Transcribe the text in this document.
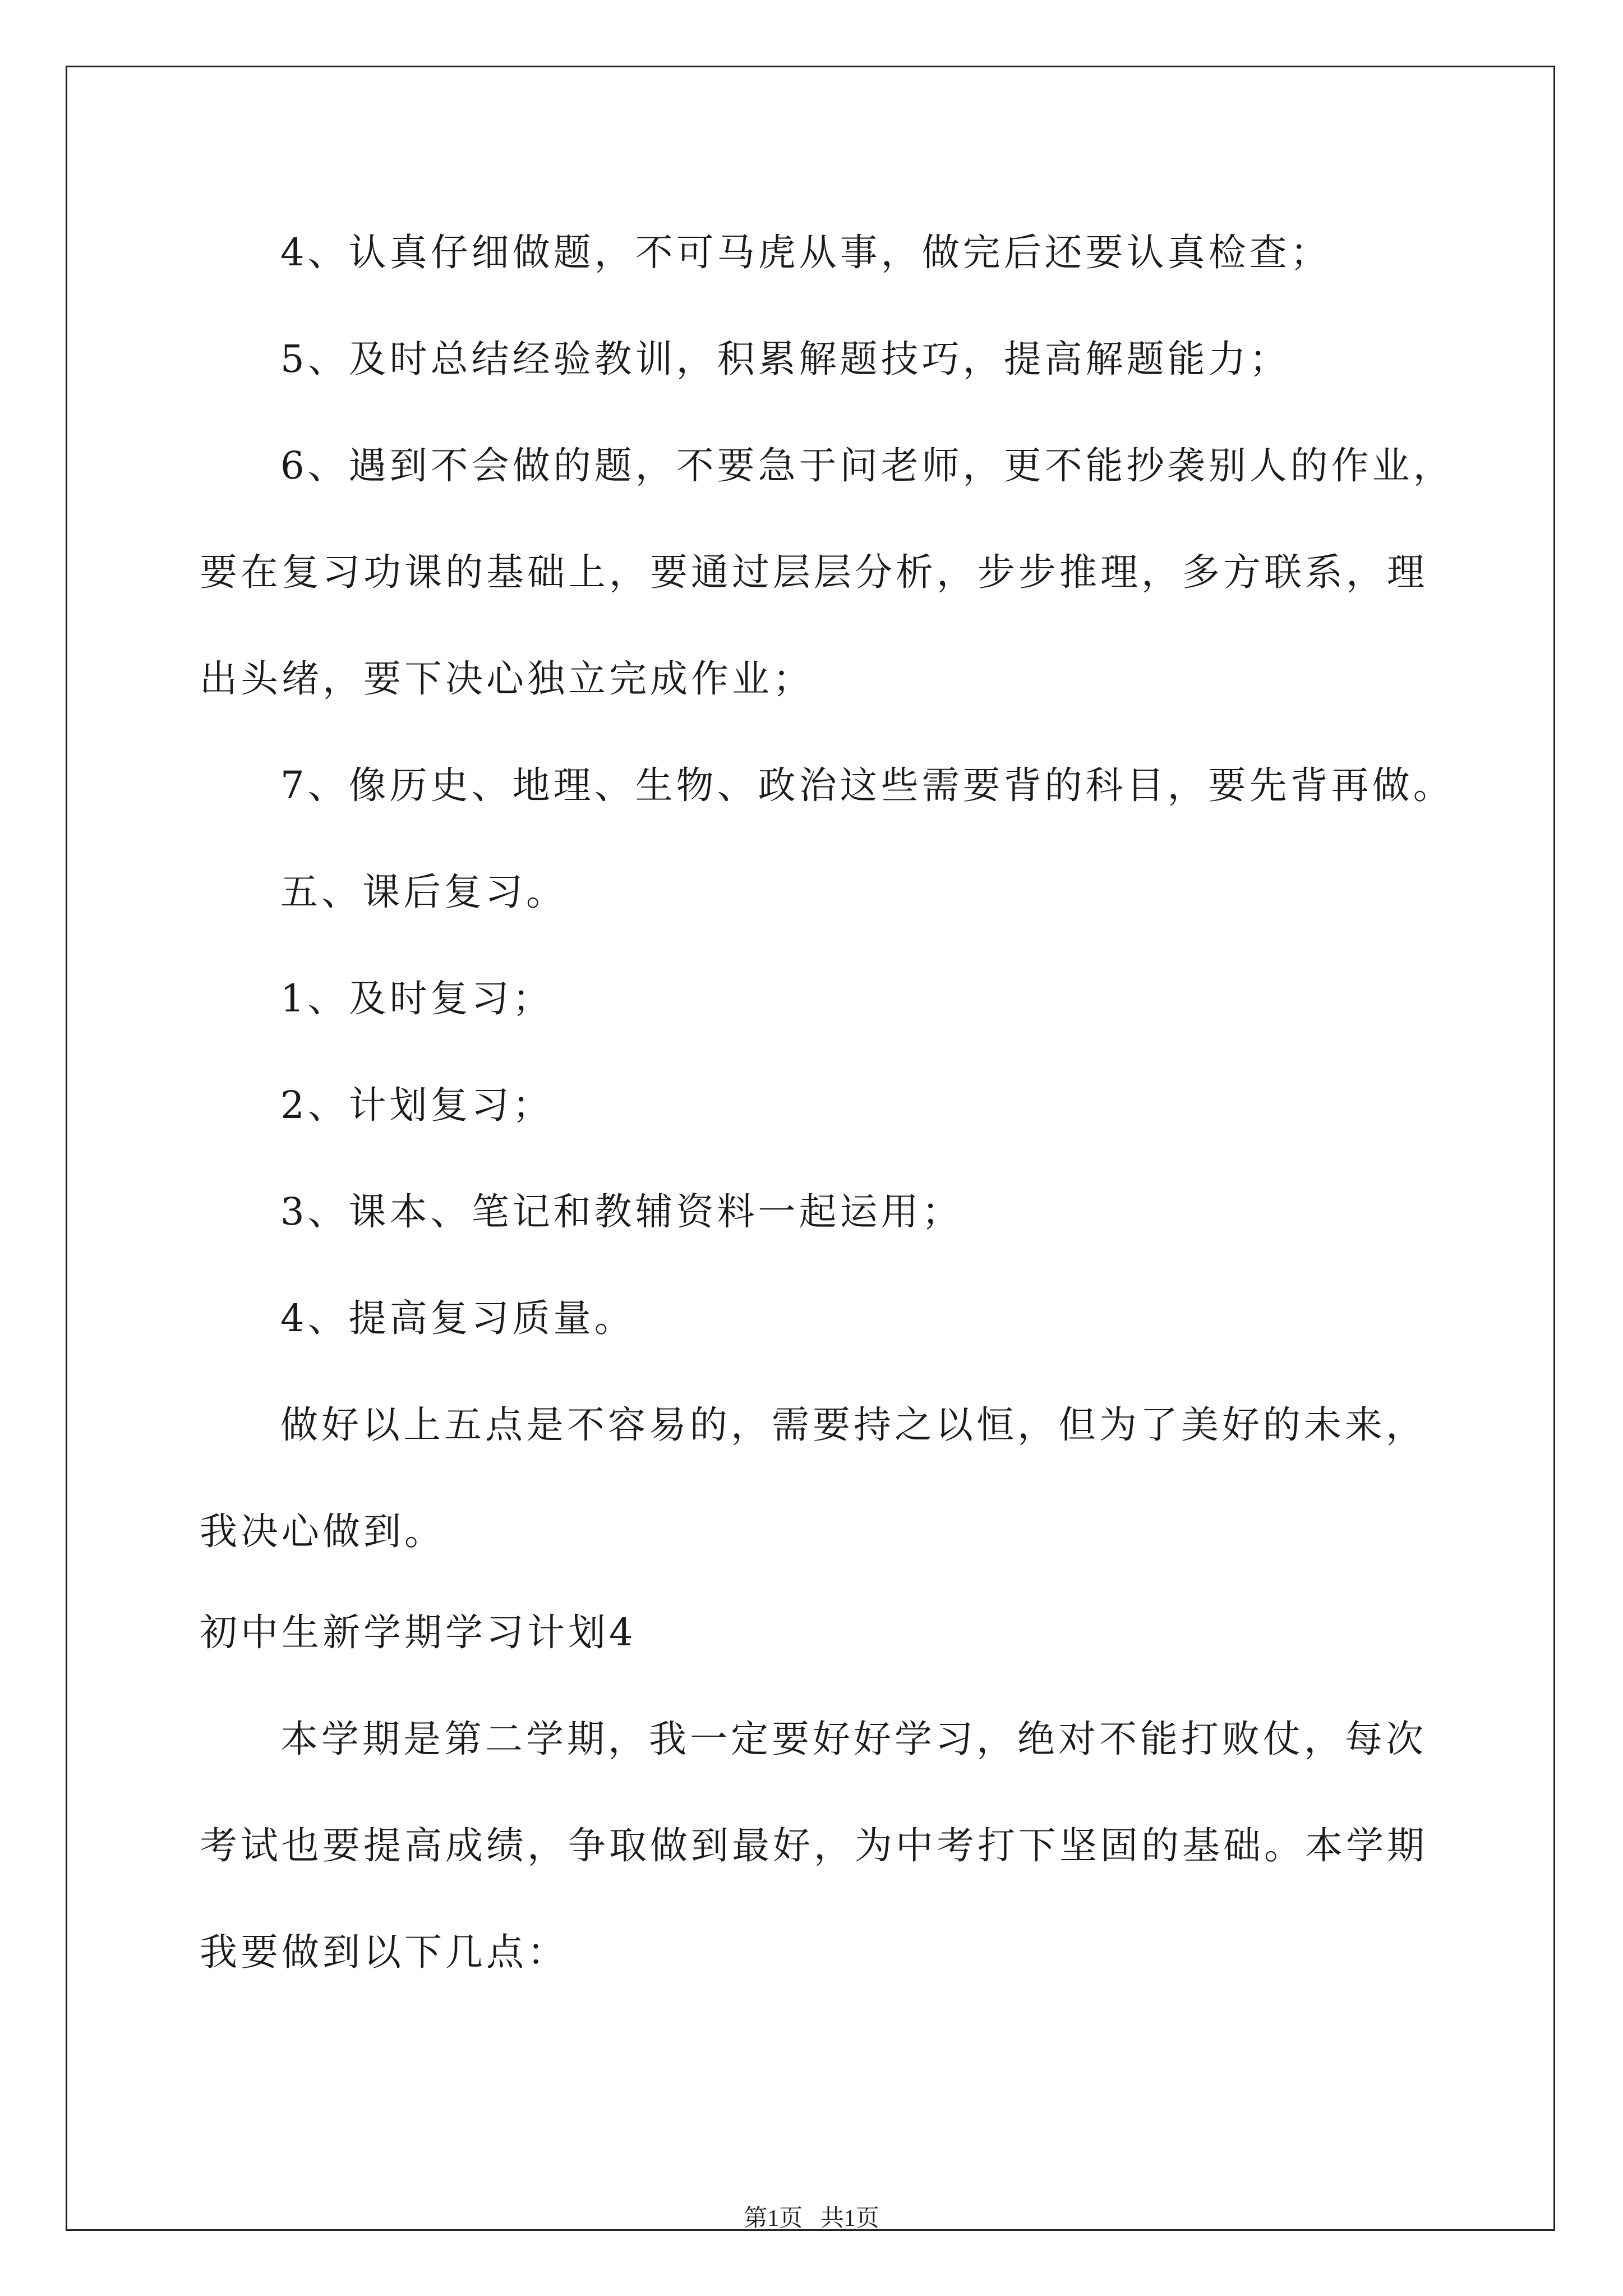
4、认真仔细做题，不可马虎从事，做完后还要认真检查；
5、及时总结经验教训，积累解题技巧，提高解题能力；
6、遇到不会做的题，不要急于问老师，更不能抄袭别人的作业，
要在复习功课的基础上，要通过层层分析，步步推理，多方联系，理
出头绪，要下决心独立完成作业；
7、像历史、地理、生物、政治这些需要背的科目，要先背再做。
五、课后复习。
1、及时复习；
2、计划复习；
3、课本、笔记和教辅资料一起运用；
4、提高复习质量。
做好以上五点是不容易的，需要持之以恒，但为了美好的未来，
我决心做到。
初中生新学期学习计划4
本学期是第二学期，我一定要好好学习，绝对不能打败仗，每次
考试也要提高成绩，争取做到最好，为中考打下坚固的基础。本学期
我要做到以下几点：
第1页   共1页
